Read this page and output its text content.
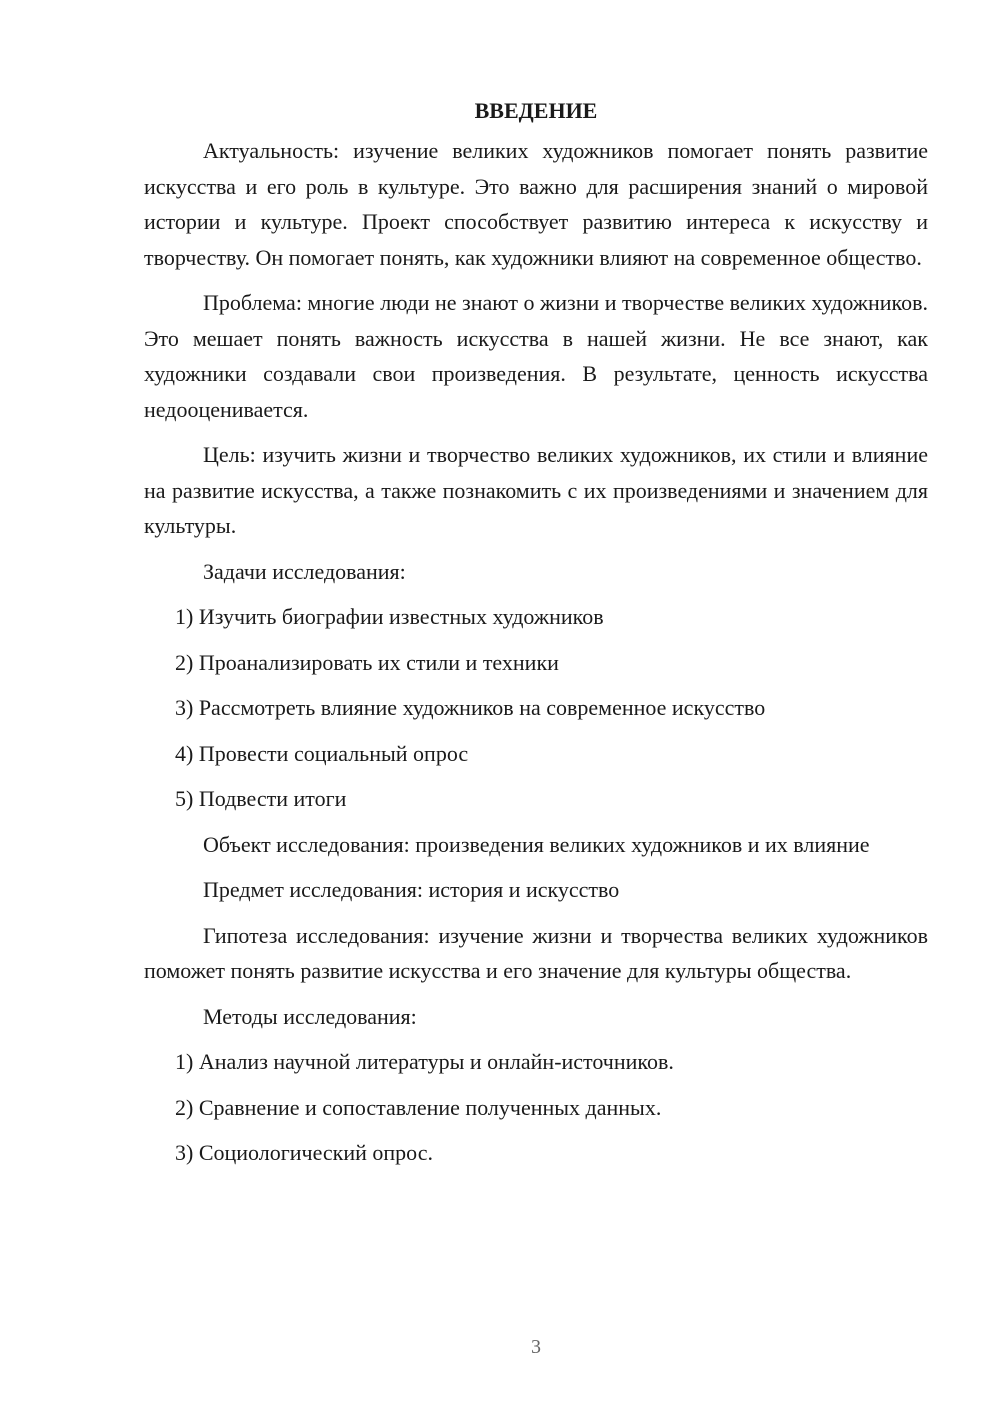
ВВЕДЕНИЕ

Актуальность: изучение великих художников помогает понять развитие искусства и его роль в культуре. Это важно для расширения знаний о мировой истории и культуре. Проект способствует развитию интереса к искусству и творчеству. Он помогает понять, как художники влияют на современное общество.

Проблема: многие люди не знают о жизни и творчестве великих художников. Это мешает понять важность искусства в нашей жизни. Не все знают, как художники создавали свои произведения. В результате, ценность искусства недооценивается.

Цель: изучить жизни и творчество великих художников, их стили и влияние на развитие искусства, а также познакомить с их произведениями и значением для культуры.

Задачи исследования:
1) Изучить биографии известных художников
2) Проанализировать их стили и техники
3) Рассмотреть влияние художников на современное искусство
4) Провести социальный опрос
5) Подвести итоги

Объект исследования: произведения великих художников и их влияние

Предмет исследования: история и искусство

Гипотеза исследования: изучение жизни и творчества великих художников поможет понять развитие искусства и его значение для культуры общества.

Методы исследования:
1) Анализ научной литературы и онлайн-источников.
2) Сравнение и сопоставление полученных данных.
3) Социологический опрос.
3
